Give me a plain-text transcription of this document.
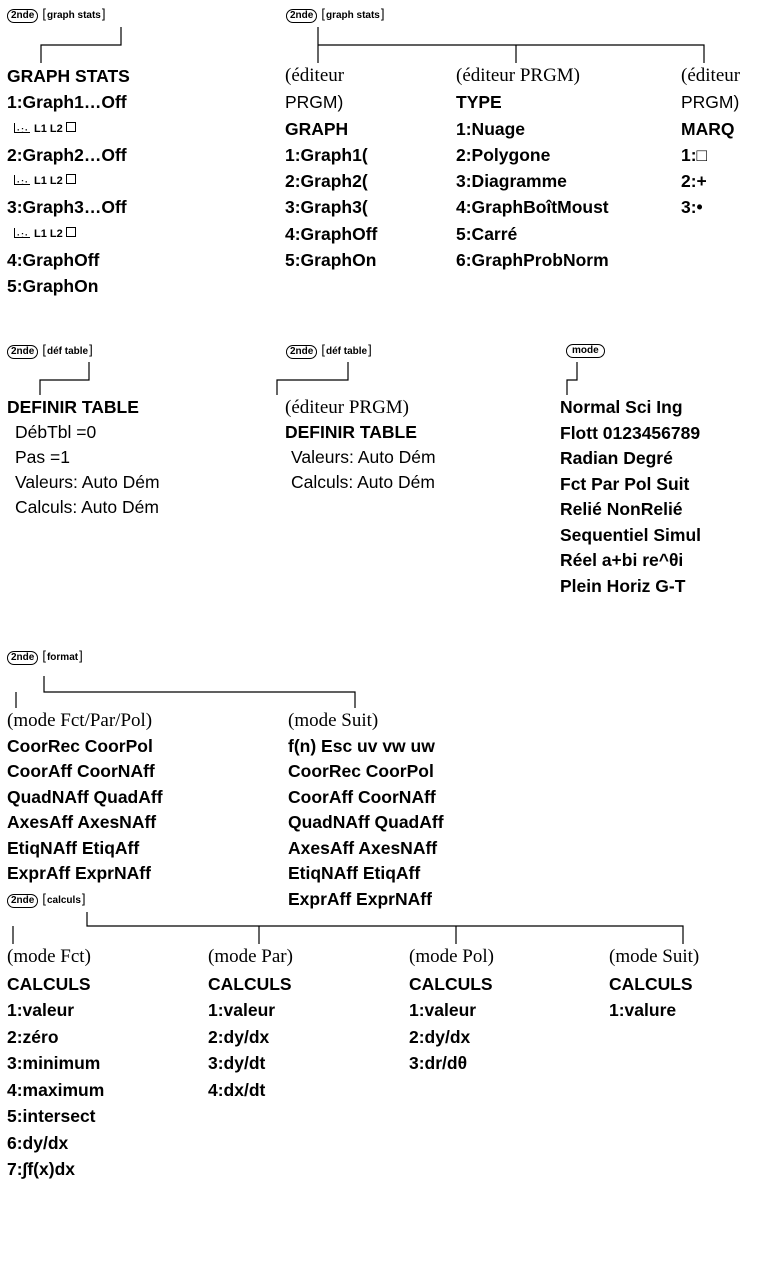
2nde [ graph stats ]
GRAPH STATS
1:Graph1…Off
·:·L1 L2
2:Graph2…Off
·:·L1 L2
3:Graph3…Off
·:·L1 L2
4:GraphOff
5:GraphOn
2nde [ graph stats ]
(éditeur
PRGM)
GRAPH
1:Graph1(
2:Graph2(
3:Graph3(
4:GraphOff
5:GraphOn
(éditeur PRGM)
TYPE
1:Nuage
2:Polygone
3:Diagramme
4:GraphBoîtMoust
5:Carré
6:GraphProbNorm
(éditeur
PRGM)
MARQ
1:□
2:+
3:•
2nde [ déf table ]
DEFINIR TABLE
DébTbl =0
Pas =1
Valeurs: Auto Dém
Calculs: Auto Dém
2nde [ déf table ]
(éditeur PRGM)
DEFINIR TABLE
Valeurs: Auto Dém
Calculs: Auto Dém
mode
Normal Sci Ing
Flott 0123456789
Radian Degré
Fct Par Pol Suit
Relié NonRelié
Sequentiel Simul
Réel a+bi re^θi
Plein Horiz G-T
2nde [ format ]
(mode Fct/Par/Pol)
CoorRec CoorPol
CoorAff CoorNAff
QuadNAff QuadAff
AxesAff AxesNAff
EtiqNAff EtiqAff
ExprAff ExprNAff
(mode Suit)
f(n) Esc uv vw uw
CoorRec CoorPol
CoorAff CoorNAff
QuadNAff QuadAff
AxesAff AxesNAff
EtiqNAff EtiqAff
ExprAff ExprNAff
2nde [ calculs ]
(mode Fct)
CALCULS
1:valeur
2:zéro
3:minimum
4:maximum
5:intersect
6:dy/dx
7:∫f(x)dx
(mode Par)
CALCULS
1:valeur
2:dy/dx
3:dy/dt
4:dx/dt
(mode Pol)
CALCULS
1:valeur
2:dy/dx
3:dr/dθ
(mode Suit)
CALCULS
1:valure
